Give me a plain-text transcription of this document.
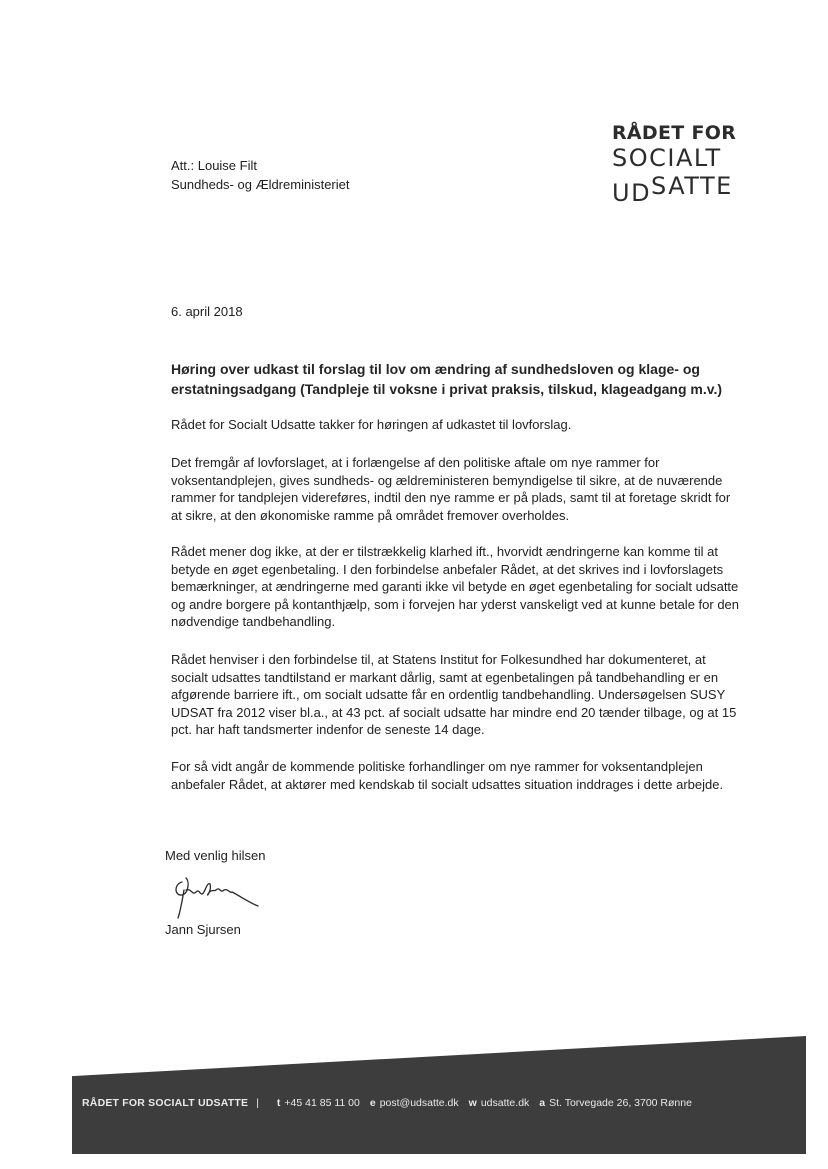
RÅDET FOR
SOCIALT
UDSATTE
Att.: Louise Filt
Sundheds- og Ældreministeriet
6. april 2018
Høring over udkast til forslag til lov om ændring af sundhedsloven og klage- og erstatningsadgang (Tandpleje til voksne i privat praksis, tilskud, klageadgang m.v.)
Rådet for Socialt Udsatte takker for høringen af udkastet til lovforslag.
Det fremgår af lovforslaget, at i forlængelse af den politiske aftale om nye rammer for voksentandplejen, gives sundheds- og ældreministeren bemyndigelse til sikre, at de nuværende rammer for tandplejen videreføres, indtil den nye ramme er på plads, samt til at foretage skridt for at sikre, at den økonomiske ramme på området fremover overholdes.
Rådet mener dog ikke, at der er tilstrækkelig klarhed ift., hvorvidt ændringerne kan komme til at betyde en øget egenbetaling. I den forbindelse anbefaler Rådet, at det skrives ind i lovforslagets bemærkninger, at ændringerne med garanti ikke vil betyde en øget egenbetaling for socialt udsatte og andre borgere på kontanthjælp, som i forvejen har yderst vanskeligt ved at kunne betale for den nødvendige tandbehandling.
Rådet henviser i den forbindelse til, at Statens Institut for Folkesundhed har dokumenteret, at socialt udsattes tandtilstand er markant dårlig, samt at egenbetalingen på tandbehandling er en afgørende barriere ift., om socialt udsatte får en ordentlig tandbehandling. Undersøgelsen SUSY UDSAT fra 2012 viser bl.a., at 43 pct. af socialt udsatte har mindre end 20 tænder tilbage, og at 15 pct. har haft tandsmerter indenfor de seneste 14 dage.
For så vidt angår de kommende politiske forhandlinger om nye rammer for voksentandplejen anbefaler Rådet, at aktører med kendskab til socialt udsattes situation inddrages i dette arbejde.
Med venlig hilsen
Jann Sjursen
RÅDET FOR SOCIALT UDSATTE | t +45 41 85 11 00 e post@udsatte.dk w udsatte.dk a St. Torvegade 26, 3700 Rønne
